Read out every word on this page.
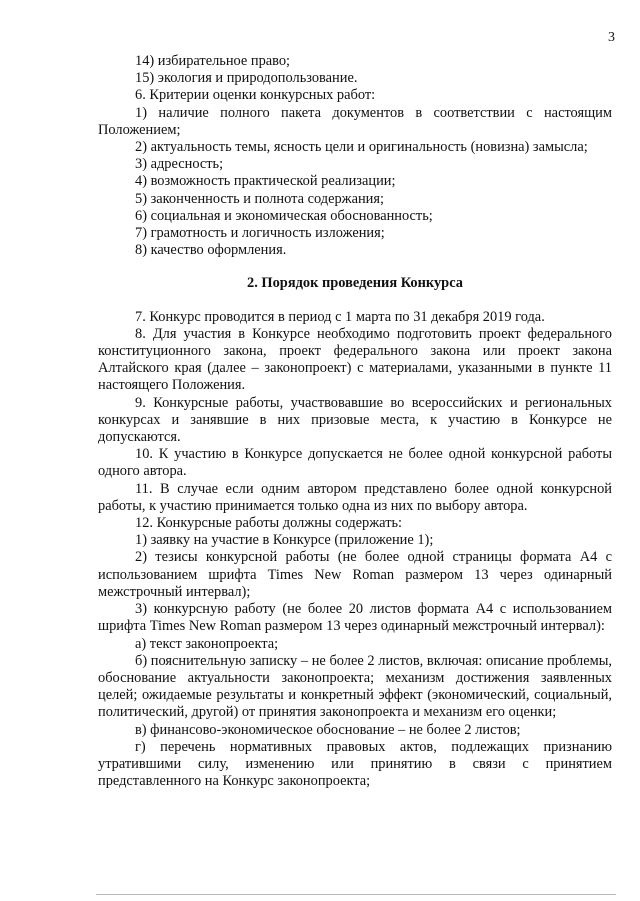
3

14) избирательное право;

15) экология и природопользование.

6. Критерии оценки конкурсных работ:

1) наличие полного пакета документов в соответствии с настоящим Положением;

2) актуальность темы, ясность цели и оригинальность (новизна) замысла;

3) адресность;

4) возможность практической реализации;

5) законченность и полнота содержания;

6) социальная и экономическая обоснованность;

7) грамотность и логичность изложения;

8) качество оформления.

2. Порядок проведения Конкурса

7. Конкурс проводится в период с 1 марта по 31 декабря 2019 года.

8. Для участия в Конкурсе необходимо подготовить проект федерального конституционного закона, проект федерального закона или проект закона Алтайского края (далее – законопроект) с материалами, указанными в пункте 11 настоящего Положения.

9. Конкурсные работы, участвовавшие во всероссийских и региональных конкурсах и занявшие в них призовые места, к участию в Конкурсе не допускаются.

10. К участию в Конкурсе допускается не более одной конкурсной работы одного автора.

11. В случае если одним автором представлено более одной конкурсной работы, к участию принимается только одна из них по выбору автора.

12. Конкурсные работы должны содержать:

1) заявку на участие в Конкурсе (приложение 1);

2) тезисы конкурсной работы (не более одной страницы формата А4 с использованием шрифта Times New Roman размером 13 через одинарный межстрочный интервал);

3) конкурсную работу (не более 20 листов формата А4 с использованием шрифта Times New Roman размером 13 через одинарный межстрочный интервал):

а) текст законопроекта;

б) пояснительную записку – не более 2 листов, включая: описание проблемы, обоснование актуальности законопроекта; механизм достижения заявленных целей; ожидаемые результаты и конкретный эффект (экономический, социальный, политический, другой) от принятия законопроекта и механизм его оценки;

в) финансово-экономическое обоснование – не более 2 листов;

г) перечень нормативных правовых актов, подлежащих признанию утратившими силу, изменению или принятию в связи с принятием представленного на Конкурс законопроекта;
